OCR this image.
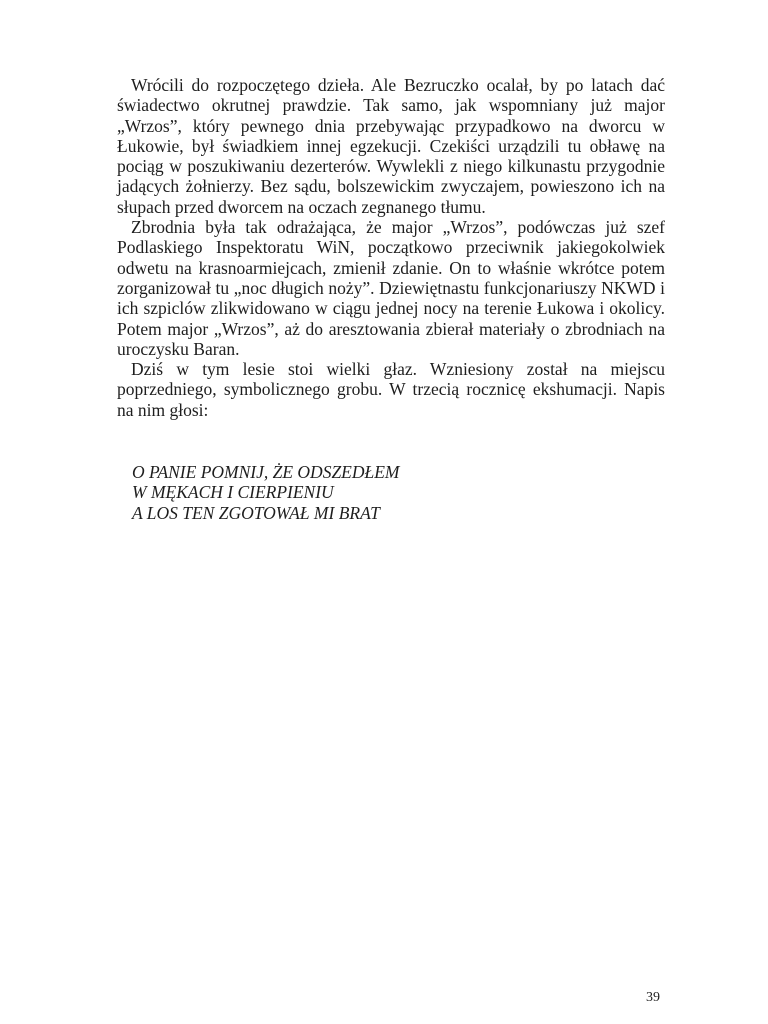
Wrócili do rozpoczętego dzieła. Ale Bezruczko ocalał, by po latach dać świadectwo okrutnej prawdzie. Tak samo, jak wspomniany już major „Wrzos”, który pewnego dnia przebywając przypadkowo na dworcu w Łukowie, był świadkiem innej egzekucji. Czekiści urządzili tu obławę na pociąg w poszukiwaniu dezerterów. Wywlekli z niego kilkunastu przygodnie jadących żołnierzy. Bez sądu, bolszewickim zwyczajem, powieszono ich na słupach przed dworcem na oczach zegnanego tłumu.

Zbrodnia była tak odrażająca, że major „Wrzos”, podówczas już szef Podlaskiego Inspektoratu WiN, początkowo przeciwnik jakiegokolwiek odwetu na krasnoarmiejcach, zmienił zdanie. On to właśnie wkrótce potem zorganizował tu „noc długich noży”. Dziewiętnastu funkcjonariuszy NKWD i ich szpiclów zlikwidowano w ciągu jednej nocy na terenie Łukowa i okolicy. Potem major „Wrzos”, aż do aresztowania zbierał materiały o zbrodniach na uroczysku Baran.

Dziś w tym lesie stoi wielki głaz. Wzniesiony został na miejscu poprzedniego, symbolicznego grobu. W trzecią rocznicę ekshumacji. Napis na nim głosi:

O PANIE POMNIJ, ŻE ODSZEDŁEM
W MĘKACH I CIERPIENIU
A LOS TEN ZGOTOWAŁ MI BRAT
39
